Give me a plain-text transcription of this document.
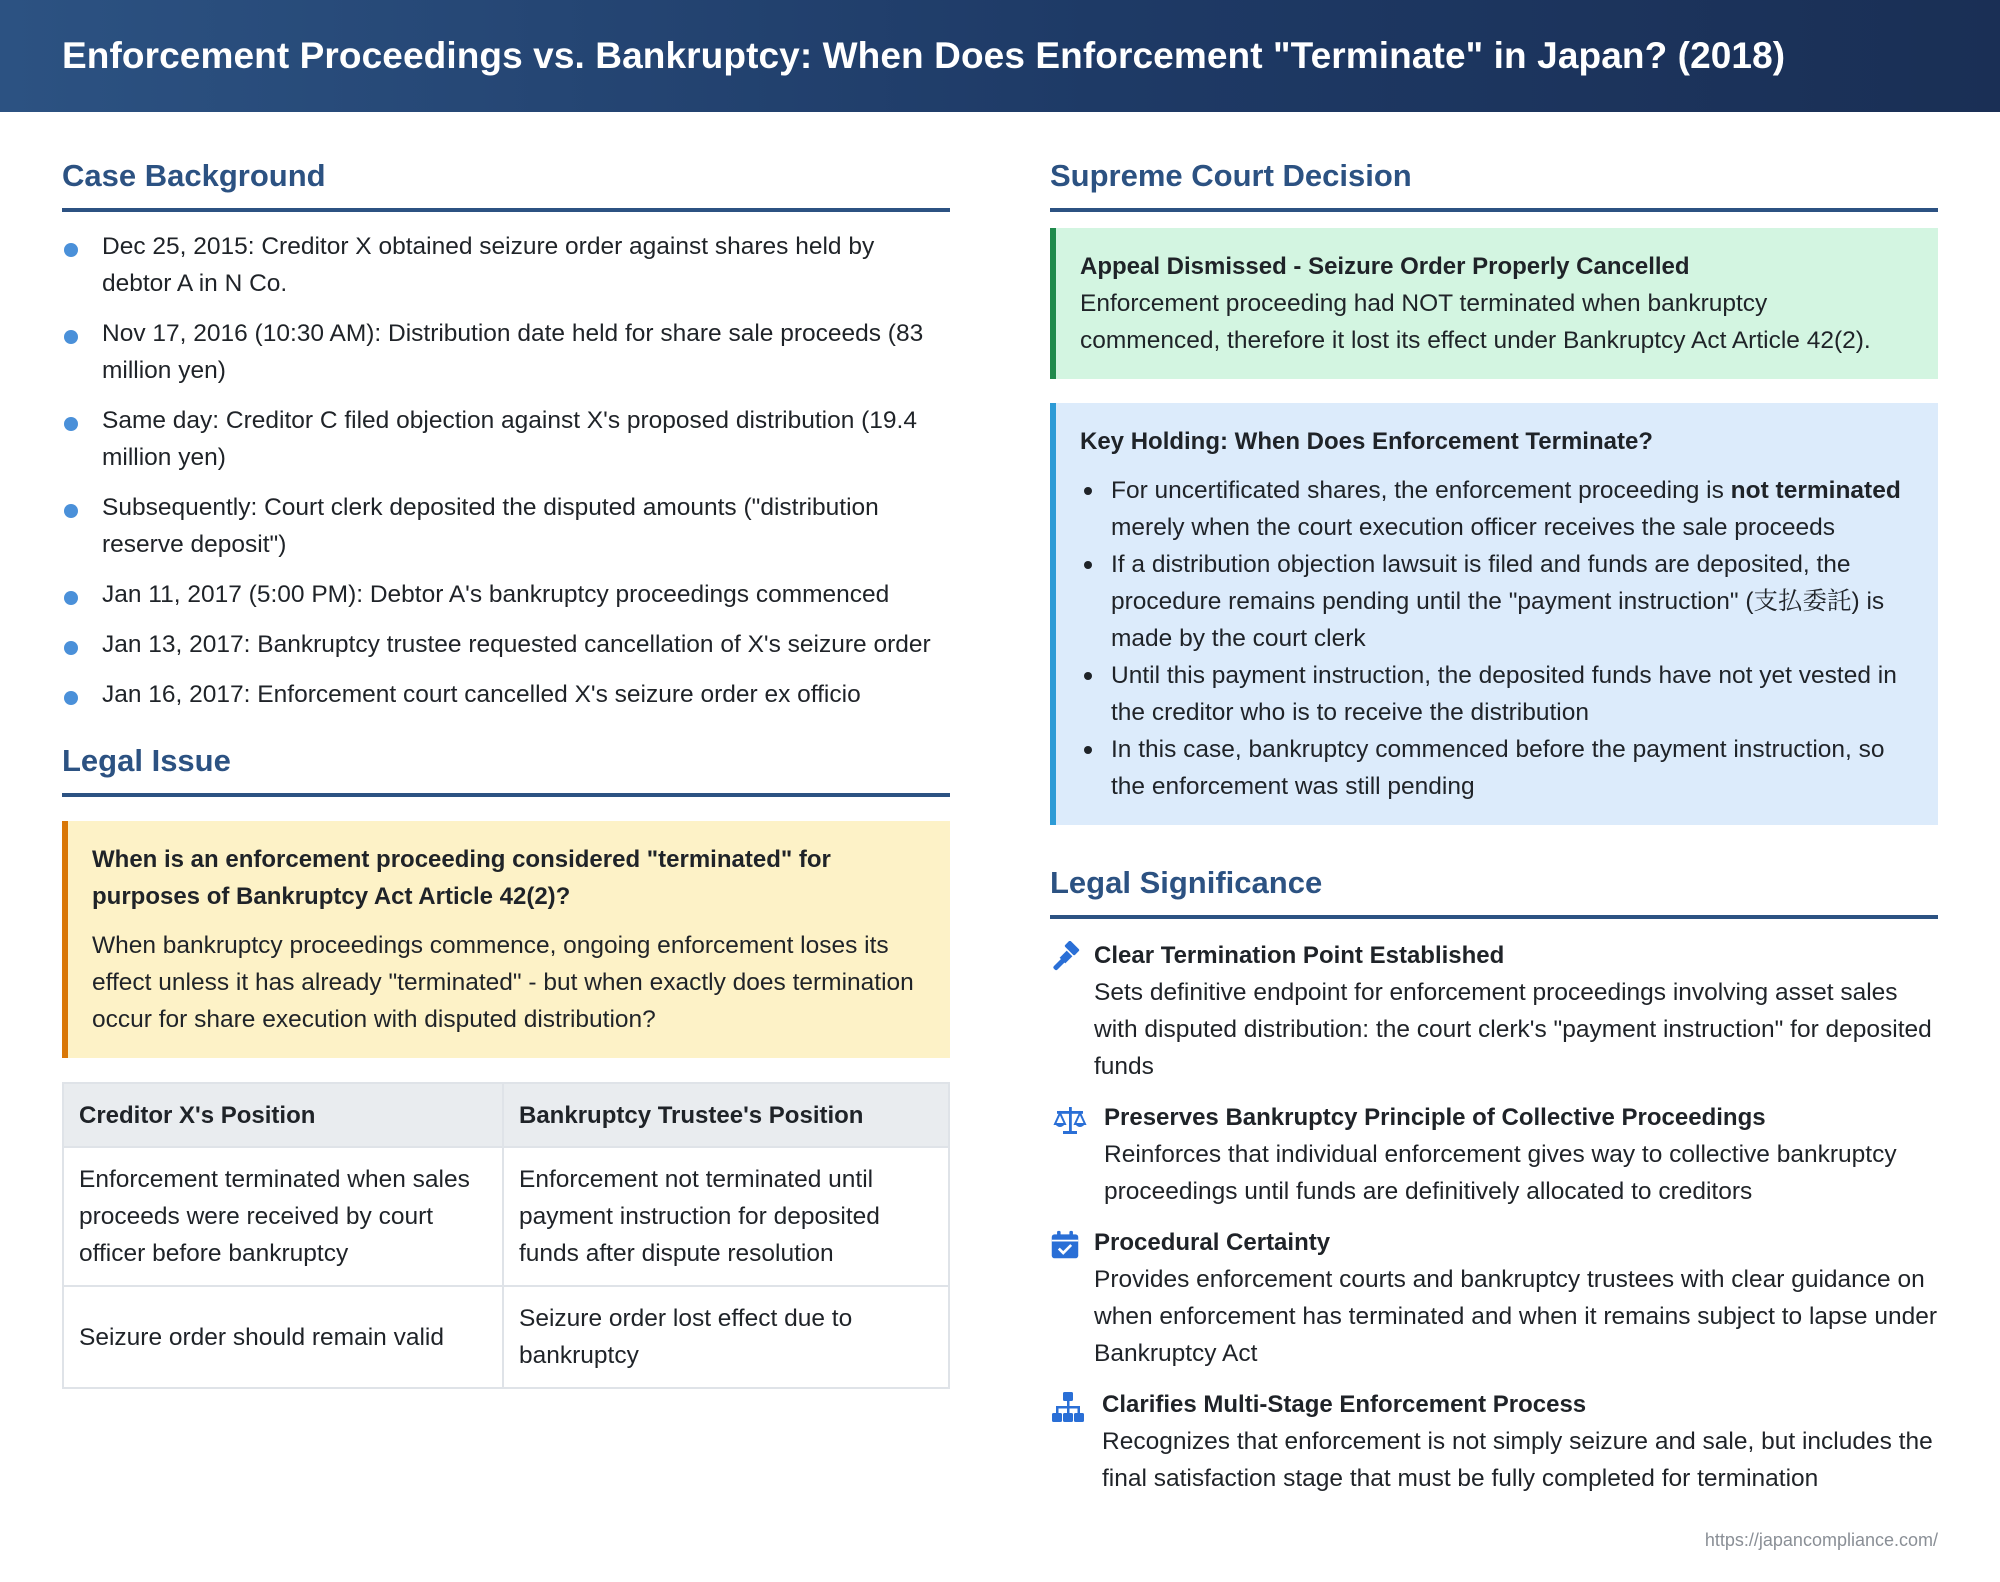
Enforcement Proceedings vs. Bankruptcy: When Does Enforcement "Terminate" in Japan? (2018)
Case Background
Dec 25, 2015: Creditor X obtained seizure order against shares held by debtor A in N Co.
Nov 17, 2016 (10:30 AM): Distribution date held for share sale proceeds (83 million yen)
Same day: Creditor C filed objection against X's proposed distribution (19.4 million yen)
Subsequently: Court clerk deposited the disputed amounts ("distribution reserve deposit")
Jan 11, 2017 (5:00 PM): Debtor A's bankruptcy proceedings commenced
Jan 13, 2017: Bankruptcy trustee requested cancellation of X's seizure order
Jan 16, 2017: Enforcement court cancelled X's seizure order ex officio
Legal Issue
When is an enforcement proceeding considered "terminated" for purposes of Bankruptcy Act Article 42(2)?
When bankruptcy proceedings commence, ongoing enforcement loses its effect unless it has already "terminated" - but when exactly does termination occur for share execution with disputed distribution?
Creditor X's Position	Bankruptcy Trustee's Position
Enforcement terminated when sales proceeds were received by court officer before bankruptcy	Enforcement not terminated until payment instruction for deposited funds after dispute resolution
Seizure order should remain valid	Seizure order lost effect due to bankruptcy
Supreme Court Decision
Appeal Dismissed - Seizure Order Properly Cancelled
Enforcement proceeding had NOT terminated when bankruptcy commenced, therefore it lost its effect under Bankruptcy Act Article 42(2).
Key Holding: When Does Enforcement Terminate?
For uncertificated shares, the enforcement proceeding is not terminated merely when the court execution officer receives the sale proceeds
If a distribution objection lawsuit is filed and funds are deposited, the procedure remains pending until the "payment instruction" (支払委託) is made by the court clerk
Until this payment instruction, the deposited funds have not yet vested in the creditor who is to receive the distribution
In this case, bankruptcy commenced before the payment instruction, so the enforcement was still pending
Legal Significance
Clear Termination Point Established
Sets definitive endpoint for enforcement proceedings involving asset sales with disputed distribution: the court clerk's "payment instruction" for deposited funds
Preserves Bankruptcy Principle of Collective Proceedings
Reinforces that individual enforcement gives way to collective bankruptcy proceedings until funds are definitively allocated to creditors
Procedural Certainty
Provides enforcement courts and bankruptcy trustees with clear guidance on when enforcement has terminated and when it remains subject to lapse under Bankruptcy Act
Clarifies Multi-Stage Enforcement Process
Recognizes that enforcement is not simply seizure and sale, but includes the final satisfaction stage that must be fully completed for termination
https://japancompliance.com/
